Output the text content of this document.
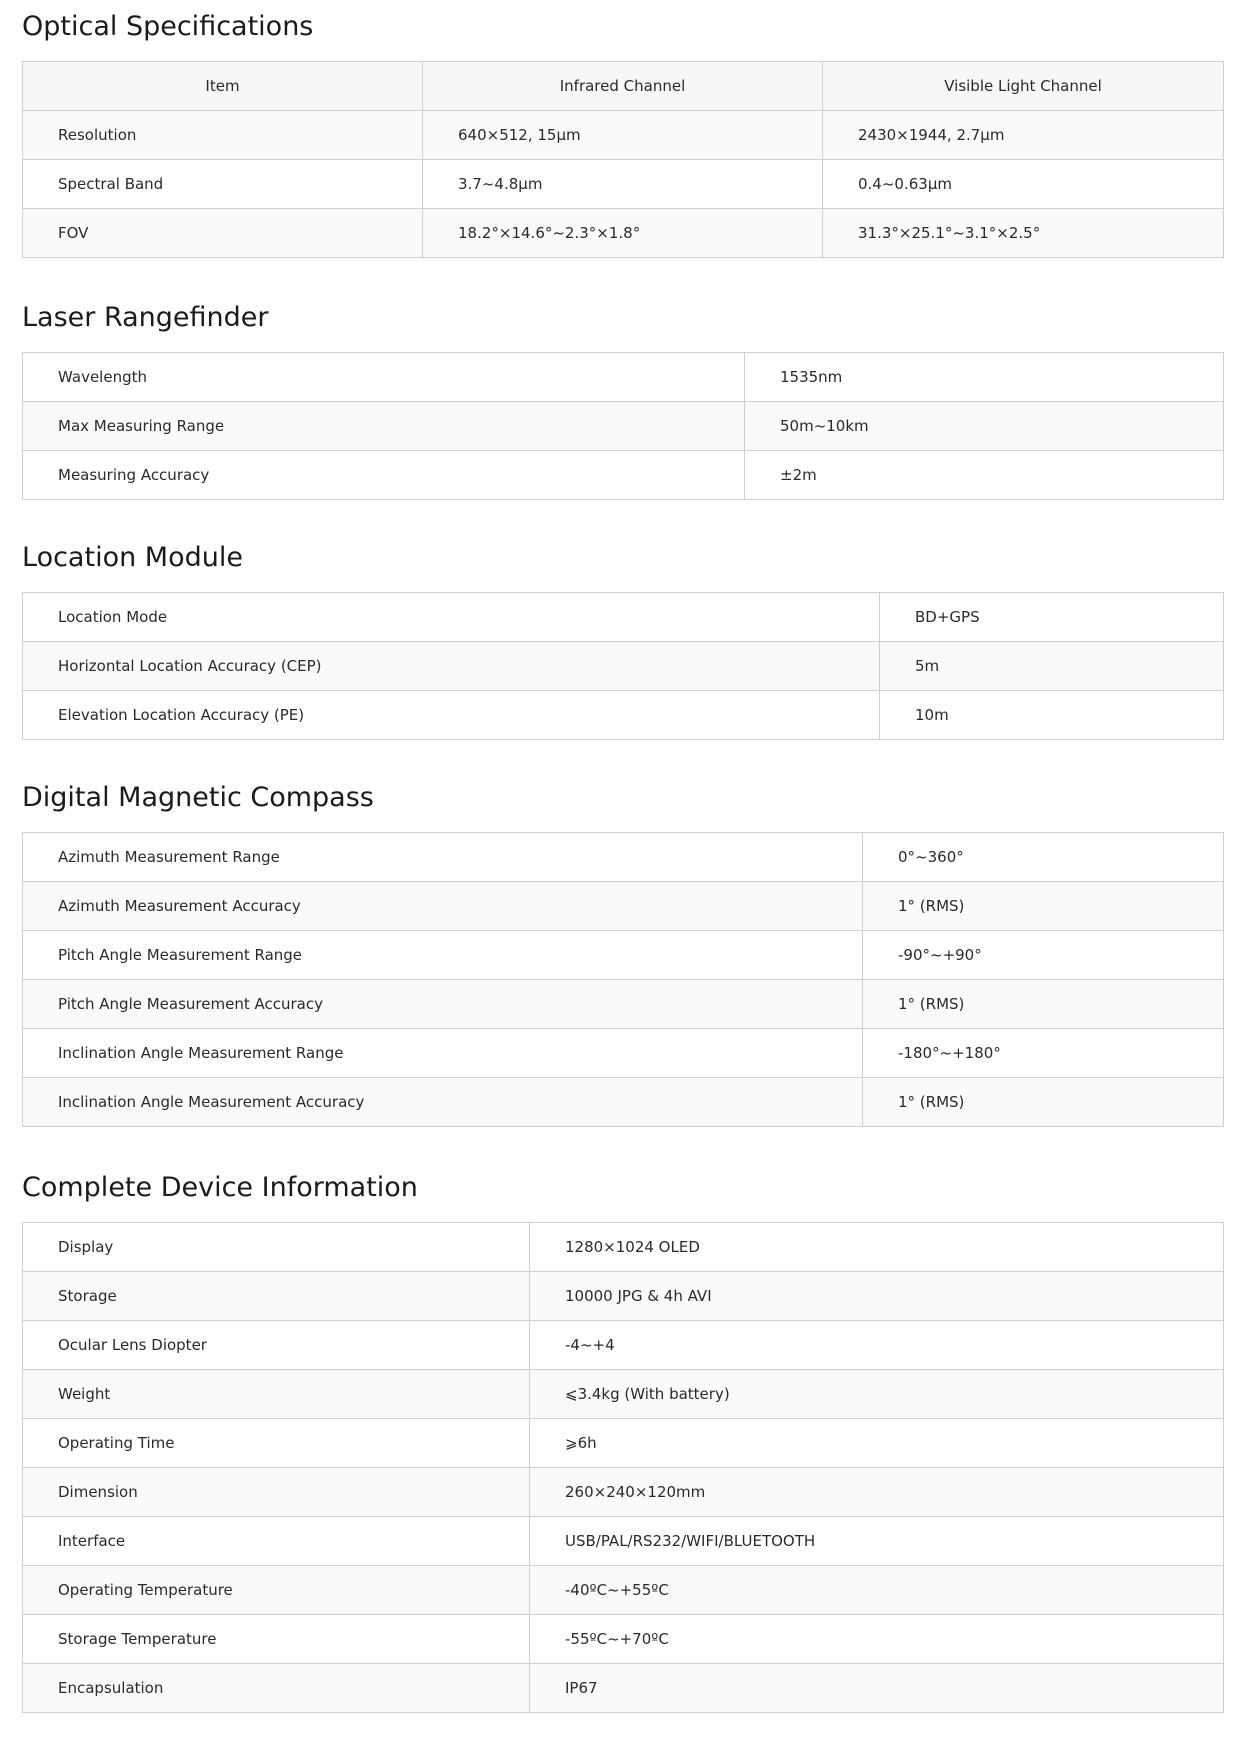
Optical Specifications
Item	Infrared Channel	Visible Light Channel
Resolution	640×512, 15μm	2430×1944, 2.7μm
Spectral Band	3.7~4.8μm	0.4~0.63μm
FOV	18.2°×14.6°~2.3°×1.8°	31.3°×25.1°~3.1°×2.5°
Laser Rangefinder
Wavelength	1535nm
Max Measuring Range	50m~10km
Measuring Accuracy	±2m
Location Module
Location Mode	BD+GPS
Horizontal Location Accuracy (CEP)	5m
Elevation Location Accuracy (PE)	10m
Digital Magnetic Compass
Azimuth Measurement Range	0°~360°
Azimuth Measurement Accuracy	1° (RMS)
Pitch Angle Measurement Range	-90°~+90°
Pitch Angle Measurement Accuracy	1° (RMS)
Inclination Angle Measurement Range	-180°~+180°
Inclination Angle Measurement Accuracy	1° (RMS)
Complete Device Information
Display	1280×1024 OLED
Storage	10000 JPG & 4h AVI
Ocular Lens Diopter	-4~+4
Weight	⩽3.4kg (With battery)
Operating Time	⩾6h
Dimension	260×240×120mm
Interface	USB/PAL/RS232/WIFI/BLUETOOTH
Operating Temperature	-40ºC~+55ºC
Storage Temperature	-55ºC~+70ºC
Encapsulation	IP67
